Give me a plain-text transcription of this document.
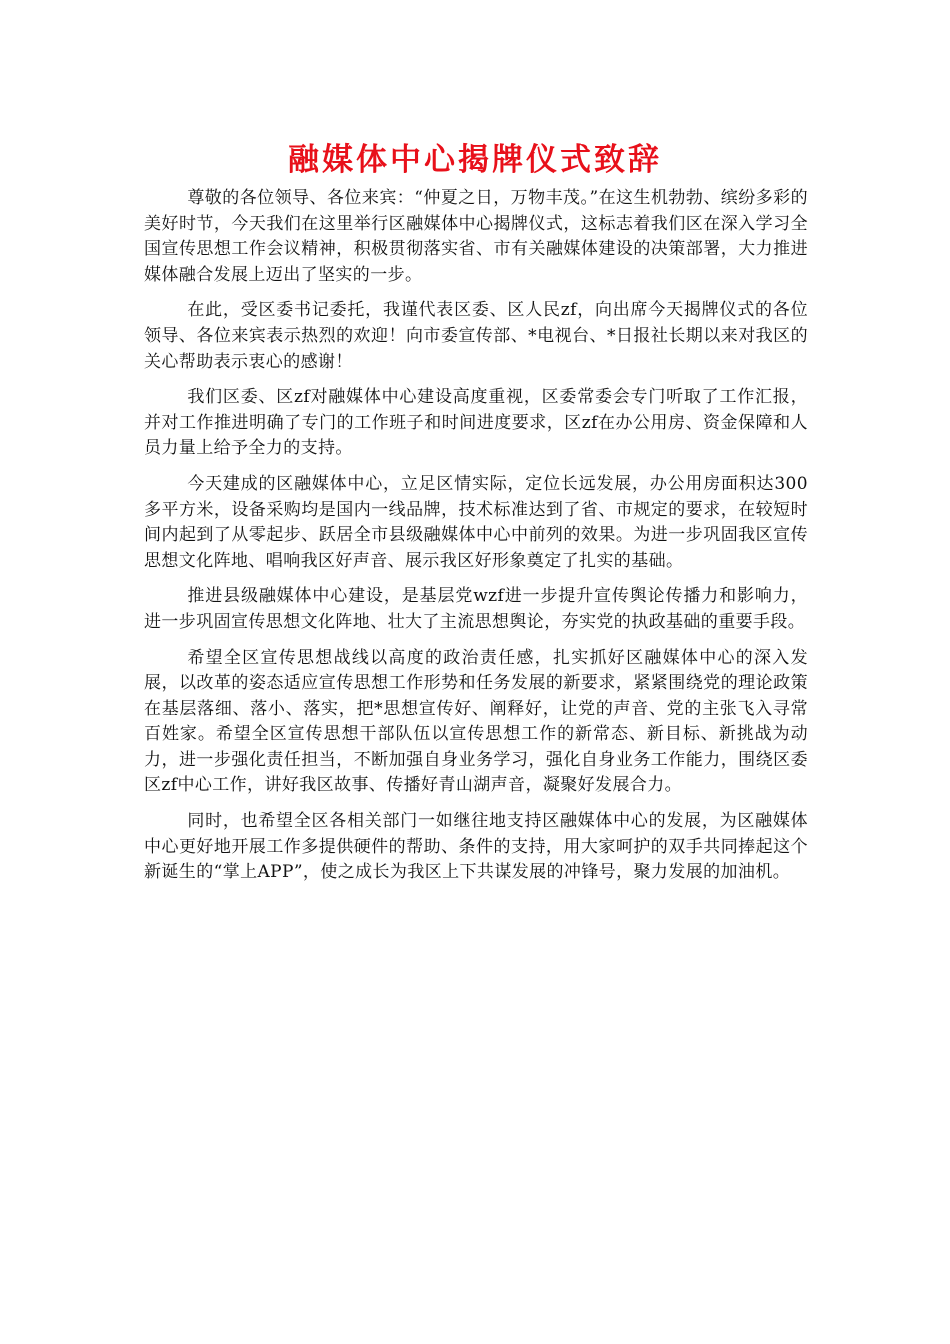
融媒体中心揭牌仪式致辞

尊敬的各位领导、各位来宾：“仲夏之日，万物丰茂。”在这生机勃勃、缤纷多彩的美好时节，今天我们在这里举行区融媒体中心揭牌仪式，这标志着我们区在深入学习全国宣传思想工作会议精神，积极贯彻落实省、市有关融媒体建设的决策部署，大力推进媒体融合发展上迈出了坚实的一步。

在此，受区委书记委托，我谨代表区委、区人民zf，向出席今天揭牌仪式的各位领导、各位来宾表示热烈的欢迎！向市委宣传部、*电视台、*日报社长期以来对我区的关心帮助表示衷心的感谢！

我们区委、区zf对融媒体中心建设高度重视，区委常委会专门听取了工作汇报，并对工作推进明确了专门的工作班子和时间进度要求，区zf在办公用房、资金保障和人员力量上给予全力的支持。

今天建成的区融媒体中心，立足区情实际，定位长远发展，办公用房面积达300多平方米，设备采购均是国内一线品牌，技术标准达到了省、市规定的要求，在较短时间内起到了从零起步、跃居全市县级融媒体中心中前列的效果。为进一步巩固我区宣传思想文化阵地、唱响我区好声音、展示我区好形象奠定了扎实的基础。

推进县级融媒体中心建设，是基层党wzf进一步提升宣传舆论传播力和影响力，进一步巩固宣传思想文化阵地、壮大了主流思想舆论，夯实党的执政基础的重要手段。

希望全区宣传思想战线以高度的政治责任感，扎实抓好区融媒体中心的深入发展，以改革的姿态适应宣传思想工作形势和任务发展的新要求，紧紧围绕党的理论政策在基层落细、落小、落实，把*思想宣传好、阐释好，让党的声音、党的主张飞入寻常百姓家。希望全区宣传思想干部队伍以宣传思想工作的新常态、新目标、新挑战为动力，进一步强化责任担当，不断加强自身业务学习，强化自身业务工作能力，围绕区委区zf中心工作，讲好我区故事、传播好青山湖声音，凝聚好发展合力。

同时，也希望全区各相关部门一如继往地支持区融媒体中心的发展，为区融媒体中心更好地开展工作多提供硬件的帮助、条件的支持，用大家呵护的双手共同捧起这个新诞生的“掌上APP”，使之成长为我区上下共谋发展的冲锋号，聚力发展的加油机。
